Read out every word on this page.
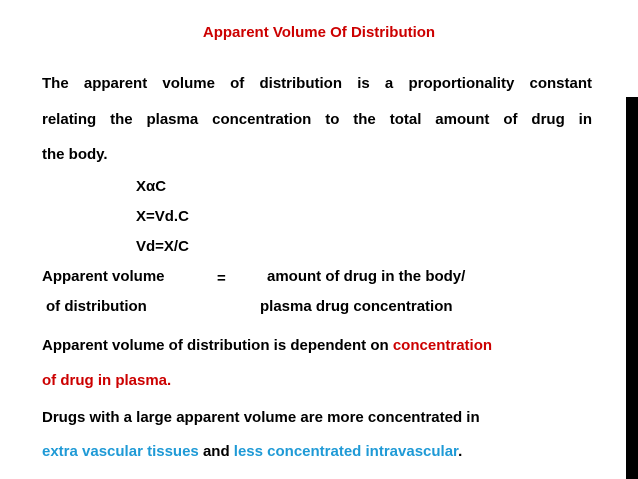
Apparent Volume Of Distribution
The apparent volume of distribution is a proportionality constant
relating the plasma concentration to the total amount of drug in
the body.
XαC
X=Vd.C
Vd=X/C
Apparent volume	=	amount of drug in the body/
of distribution	plasma drug concentration
Apparent volume of distribution is dependent on concentration
of drug in plasma.
Drugs with a large apparent volume are more concentrated in
extra vascular tissues and less concentrated intravascular.
